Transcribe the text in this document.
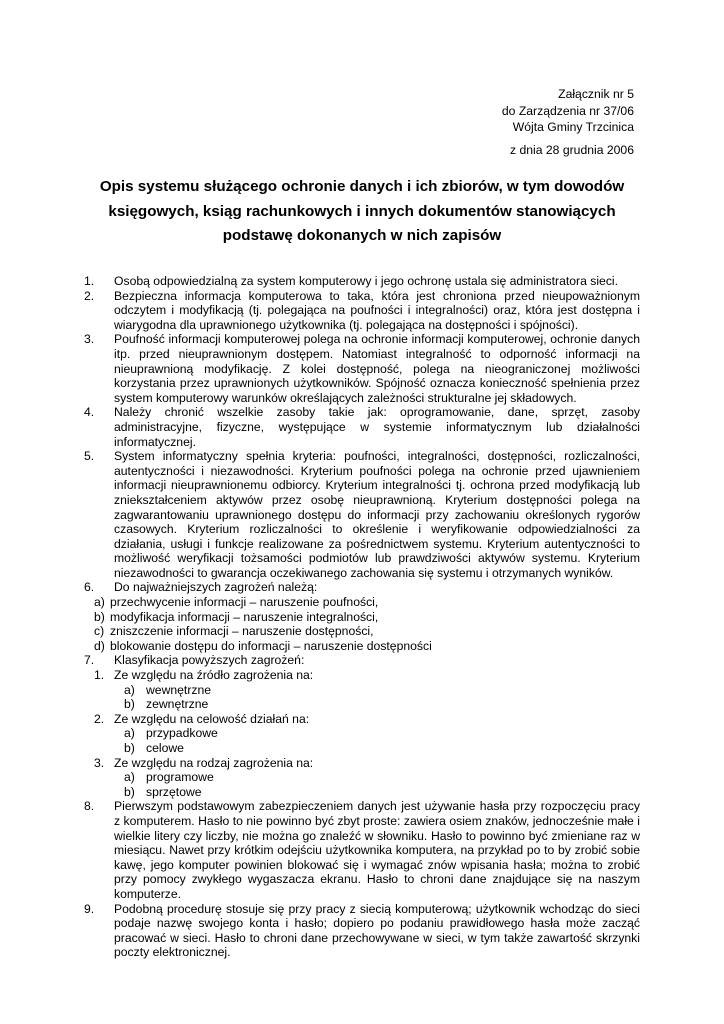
Załącznik nr 5
do Zarządzenia nr 37/06
Wójta Gminy Trzcinica
z dnia 28 grudnia 2006
Opis systemu służącego ochronie danych i ich zbiorów, w tym dowodów
księgowych, ksiąg rachunkowych i innych dokumentów stanowiących
podstawę dokonanych w nich zapisów
1.	Osobą odpowiedzialną za system komputerowy i jego ochronę ustala się administratora sieci.
2.	Bezpieczna informacja komputerowa to taka, która jest chroniona przed nieupoważnionym odczytem i modyfikacją (tj. polegająca na poufności i integralności) oraz, która jest dostępna i wiarygodna dla uprawnionego użytkownika (tj. polegająca na dostępności i spójności).
3.	Poufność informacji komputerowej polega na ochronie informacji komputerowej, ochronie danych itp. przed nieuprawnionym dostępem. Natomiast integralność to odporność informacji na nieuprawnioną modyfikację. Z kolei dostępność, polega na nieograniczonej możliwości korzystania przez uprawnionych użytkowników. Spójność oznacza konieczność spełnienia przez system komputerowy warunków określających zależności strukturalne jej składowych.
4.	Należy chronić wszelkie zasoby takie jak: oprogramowanie, dane, sprzęt, zasoby administracyjne, fizyczne, występujące w systemie informatycznym lub działalności informatycznej.
5.	System informatyczny spełnia kryteria: poufności, integralności, dostępności, rozliczalności, autentyczności i niezawodności. Kryterium poufności polega na ochronie przed ujawnieniem informacji nieuprawnionemu odbiorcy. Kryterium integralności tj. ochrona przed modyfikacją lub zniekształceniem aktywów przez osobę nieuprawnioną. Kryterium dostępności polega na zagwarantowaniu uprawnionego dostępu do informacji przy zachowaniu określonych rygorów czasowych. Kryterium rozliczalności to określenie i weryfikowanie odpowiedzialności za działania, usługi i funkcje realizowane za pośrednictwem systemu. Kryterium autentyczności to możliwość weryfikacji tożsamości podmiotów lub prawdziwości aktywów systemu. Kryterium niezawodności to gwarancja oczekiwanego zachowania się systemu i otrzymanych wyników.
6.	Do najważniejszych zagrożeń należą:
a) przechwycenie informacji – naruszenie poufności,
b) modyfikacja informacji – naruszenie integralności,
c) zniszczenie informacji – naruszenie dostępności,
d) blokowanie dostępu do informacji – naruszenie dostępności
7.	Klasyfikacja powyższych zagrożeń:
1. Ze względu na źródło zagrożenia na:
a) wewnętrzne
b) zewnętrzne
2. Ze względu na celowość działań na:
a) przypadkowe
b) celowe
3. Ze względu na rodzaj zagrożenia na:
a) programowe
b) sprzętowe
8.	Pierwszym podstawowym zabezpieczeniem danych jest używanie hasła przy rozpoczęciu pracy z komputerem. Hasło to nie powinno być zbyt proste: zawiera osiem znaków, jednocześnie małe i wielkie litery czy liczby, nie można go znaleźć w słowniku. Hasło to powinno być zmieniane raz w miesiącu. Nawet przy krótkim odejściu użytkownika komputera, na przykład po to by zrobić sobie kawę, jego komputer powinien blokować się i wymagać znów wpisania hasła; można to zrobić przy pomocy zwykłego wygaszacza ekranu. Hasło to chroni dane znajdujące się na naszym komputerze.
9.	Podobną procedurę stosuje się przy pracy z siecią komputerową; użytkownik wchodząc do sieci podaje nazwę swojego konta i hasło; dopiero po podaniu prawidłowego hasła może zacząć pracować w sieci. Hasło to chroni dane przechowywane w sieci, w tym także zawartość skrzynki poczty elektronicznej.
